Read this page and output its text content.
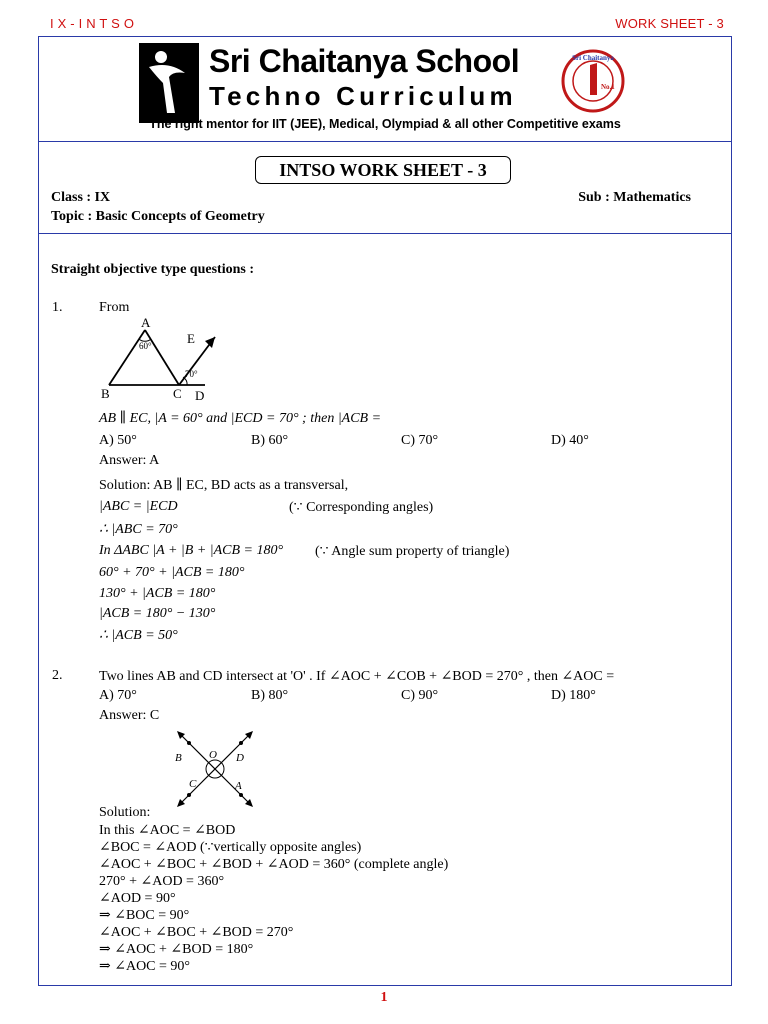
I X - I N T S O	WORK SHEET - 3
Sri Chaitanya School
Techno Curriculum
Sri Chaitanya
No.1
The right mentor for IIT (JEE), Medical, Olympiad & all other Competitive exams
INTSO WORK SHEET - 3
Class : IX	Sub : Mathematics
Topic : Basic Concepts of Geometry
Straight objective type questions :
1.	From
A
B	C D
E
60°
70°
AB ∥ EC, |A = 60° and |ECD = 70° ; then |ACB =
A) 50°	B) 60°	C) 70°	D) 40°
Answer: A
Solution: AB ∥ EC, BD acts as a transversal,
|ABC = |ECD	(∵ Corresponding angles)
∴ |ABC = 70°
In ΔABC |A + |B + |ACB = 180° (∵ Angle sum property of triangle)
60° + 70° + |ACB = 180°
130° + |ACB = 180°
|ACB = 180° − 130°
∴ |ACB = 50°
2.	Two lines AB and CD intersect at 'O' . If ∠AOC + ∠COB + ∠BOD = 270° , then ∠AOC =
A) 70°	B) 80°	C) 90°	D) 180°
Answer: C
B O D
C	A
Solution:
In this ∠AOC = ∠BOD
∠BOC = ∠AOD (∵vertically opposite angles)
∠AOC + ∠BOC + ∠BOD + ∠AOD = 360° (complete angle)
270° + ∠AOD = 360°
∠AOD = 90°
⇒ ∠BOC = 90°
∠AOC + ∠BOC + ∠BOD = 270°
⇒ ∠AOC + ∠BOD = 180°
⇒ ∠AOC = 90°
1
